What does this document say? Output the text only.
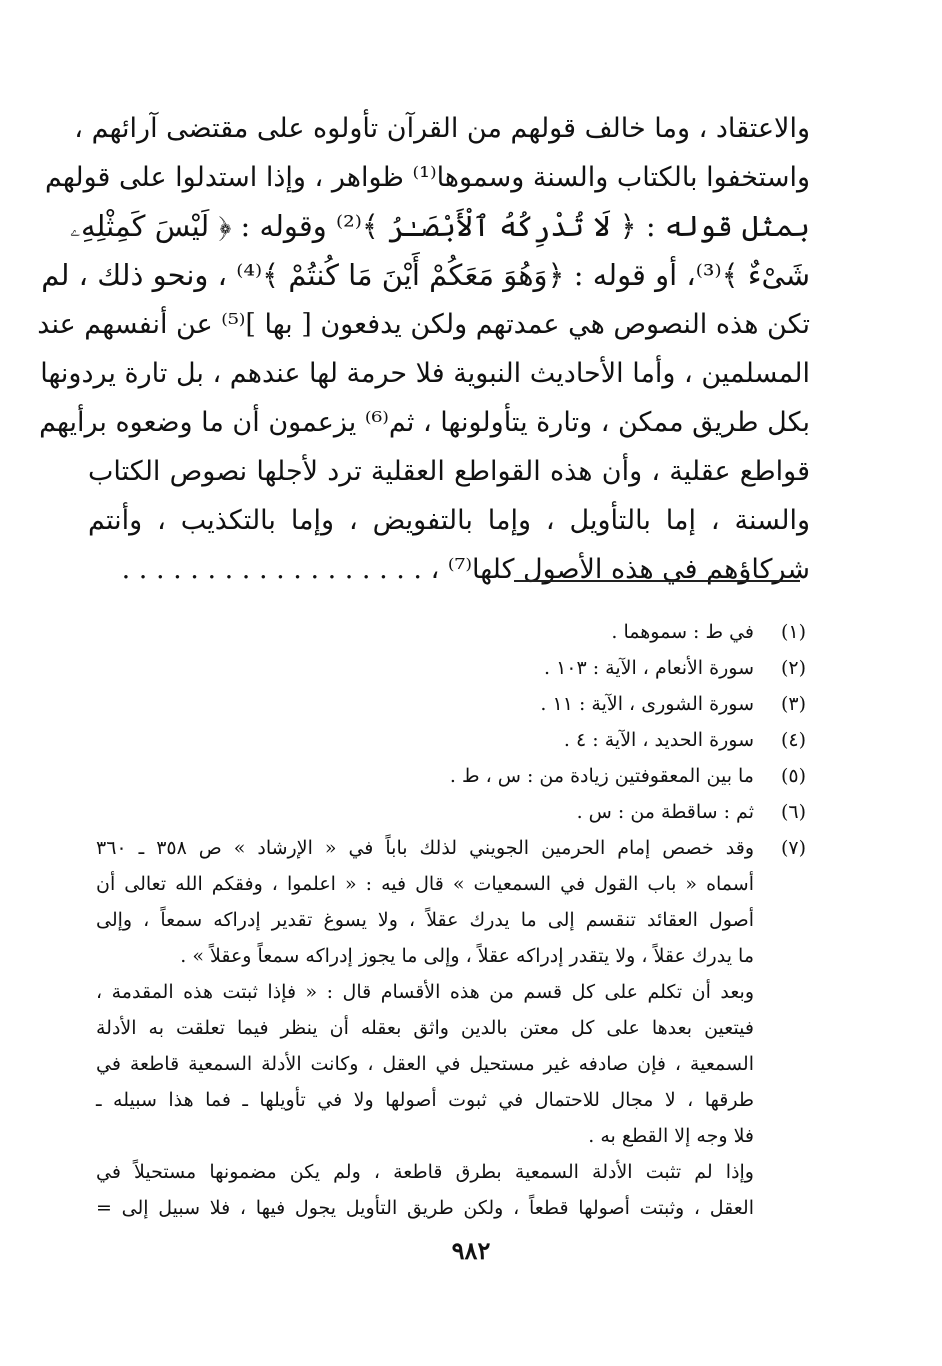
والاعتقاد ، وما خالف قولهم من القرآن تأولوه على مقتضى آرائهم ،
واستخفوا بالكتاب والسنة وسموها⁽¹⁾ ظواهر ، وإذا استدلوا على قولهم
بمثل قوله : ﴿ لَا تُدْرِكُهُ ٱلْأَبْصَـٰرُ ﴾⁽²⁾ وقوله : ﴿ لَيْسَ كَمِثْلِهِۦ
شَىْءٌ ﴾⁽³⁾، أو قوله : ﴿وَهُوَ مَعَكُمْ أَيْنَ مَا كُنتُمْ ﴾⁽⁴⁾ ، ونحو ذلك ، لم
تكن هذه النصوص هي عمدتهم ولكن يدفعون [ بها ]⁽⁵⁾ عن أنفسهم عند
المسلمين ، وأما الأحاديث النبوية فلا حرمة لها عندهم ، بل تارة يردونها
بكل طريق ممكن ، وتارة يتأولونها ، ثم⁽⁶⁾ يزعمون أن ما وضعوه برأيهم
قواطع عقلية ، وأن هذه القواطع العقلية ترد لأجلها نصوص الكتاب
والسنة ، إما بالتأويل ، وإما بالتفويض ، وإما بالتكذيب ، وأنتم
شركاؤهم في هذه الأصول كلها⁽⁷⁾ ، . . . . . . . . . . . . . . . . . .
(١)
في ط : سموهما .
(٢)
سورة الأنعام ، الآية : ١٠٣ .
(٣)
سورة الشورى ، الآية : ١١ .
(٤)
سورة الحديد ، الآية : ٤ .
(٥)
ما بين المعقوفتين زيادة من : س ، ط .
(٦)
ثم : ساقطة من : س .
(٧)
وقد خصص إمام الحرمين الجويني لذلك باباً في « الإرشاد » ص ٣٥٨ ـ ٣٦٠
أسماه « باب القول في السمعيات » قال فيه : « اعلموا ، وفقكم الله تعالى أن
أصول العقائد تنقسم إلى ما يدرك عقلاً ، ولا يسوغ تقدير إدراكه سمعاً ، وإلى
ما يدرك عقلاً ، ولا يتقدر إدراكه عقلاً ، وإلى ما يجوز إدراكه سمعاً وعقلاً » .
وبعد أن تكلم على كل قسم من هذه الأقسام قال : « فإذا ثبتت هذه المقدمة ،
فيتعين بعدها على كل معتن بالدين واثق بعقله أن ينظر فيما تعلقت به الأدلة
السمعية ، فإن صادفه غير مستحيل في العقل ، وكانت الأدلة السمعية قاطعة في
طرقها ، لا مجال للاحتمال في ثبوت أصولها ولا في تأويلها ـ فما هذا سبيله ـ
فلا وجه إلا القطع به .
وإذا لم تثبت الأدلة السمعية بطرق قاطعة ، ولم يكن مضمونها مستحيلاً في
العقل ، وثبتت أصولها قطعاً ، ولكن طريق التأويل يجول فيها ، فلا سبيل إلى =
٩٨٢
